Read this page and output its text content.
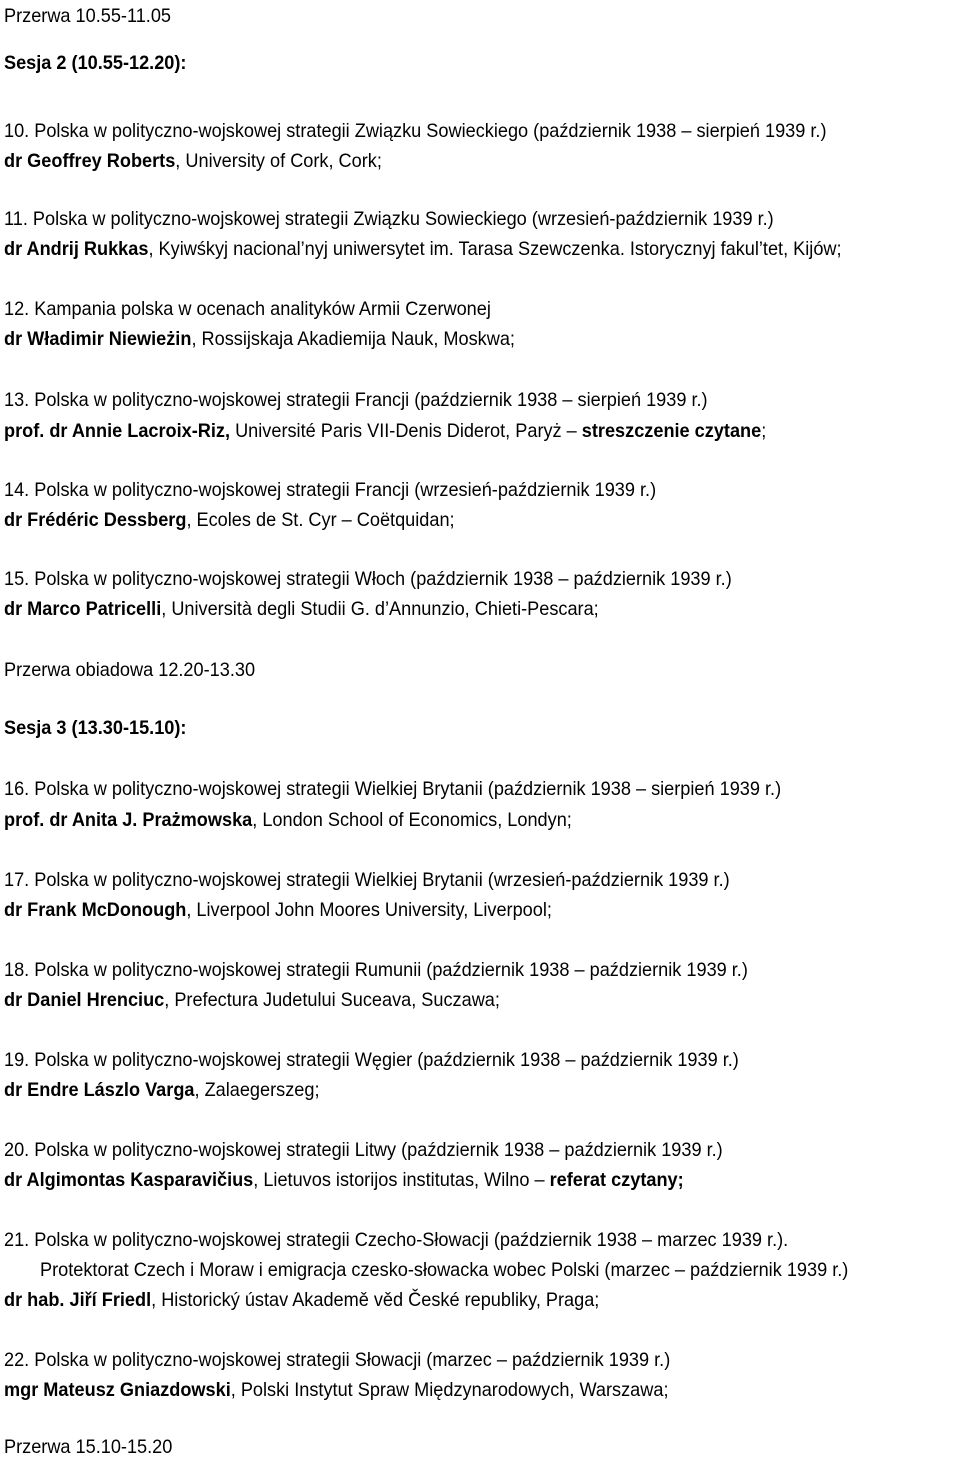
Przerwa 10.55-11.05
Sesja 2 (10.55-12.20):
10. Polska w polityczno-wojskowej strategii Związku Sowieckiego (październik 1938 – sierpień 1939 r.)
dr Geoffrey Roberts, University of Cork, Cork;
11. Polska w polityczno-wojskowej strategii Związku Sowieckiego (wrzesień-październik 1939 r.)
dr Andrij Rukkas, Kyiwśkyj nacional’nyj uniwersytet im. Tarasa Szewczenka. Istorycznyj fakul’tet, Kijów;
12. Kampania polska w ocenach analityków Armii Czerwonej
dr Władimir Niewieżin, Rossijskaja Akadiemija Nauk, Moskwa;
13. Polska w polityczno-wojskowej strategii Francji (październik 1938 – sierpień 1939 r.)
prof. dr Annie Lacroix-Riz, Université Paris VII-Denis Diderot, Paryż – streszczenie czytane;
14. Polska w polityczno-wojskowej strategii Francji (wrzesień-październik 1939 r.)
dr Frédéric Dessberg, Ecoles de St. Cyr – Coëtquidan;
15. Polska w polityczno-wojskowej strategii Włoch (październik 1938 – październik 1939 r.)
dr Marco Patricelli, Università degli Studii G. d’Annunzio, Chieti-Pescara;
Przerwa obiadowa 12.20-13.30
Sesja 3 (13.30-15.10):
16. Polska w polityczno-wojskowej strategii Wielkiej Brytanii (październik 1938 – sierpień 1939 r.)
prof. dr Anita J. Prażmowska, London School of Economics, Londyn;
17. Polska w polityczno-wojskowej strategii Wielkiej Brytanii (wrzesień-październik 1939 r.)
dr Frank McDonough, Liverpool John Moores University, Liverpool;
18. Polska w polityczno-wojskowej strategii Rumunii (październik 1938 – październik 1939 r.)
dr Daniel Hrenciuc, Prefectura Judetului Suceava, Suczawa;
19. Polska w polityczno-wojskowej strategii Węgier (październik 1938 – październik 1939 r.)
dr Endre Lászlo Varga, Zalaegerszeg;
20. Polska w polityczno-wojskowej strategii Litwy (październik 1938 – październik 1939 r.)
dr Algimontas Kasparavičius, Lietuvos istorijos institutas, Wilno – referat czytany;
21. Polska w polityczno-wojskowej strategii Czecho-Słowacji (październik 1938 – marzec 1939 r.).
Protektorat Czech i Moraw i emigracja czesko-słowacka wobec Polski (marzec – październik 1939 r.)
dr hab. Jiří Friedl, Historický ústav Akademě věd České republiky, Praga;
22. Polska w polityczno-wojskowej strategii Słowacji (marzec – październik 1939 r.)
mgr Mateusz Gniazdowski, Polski Instytut Spraw Międzynarodowych, Warszawa;
Przerwa 15.10-15.20
